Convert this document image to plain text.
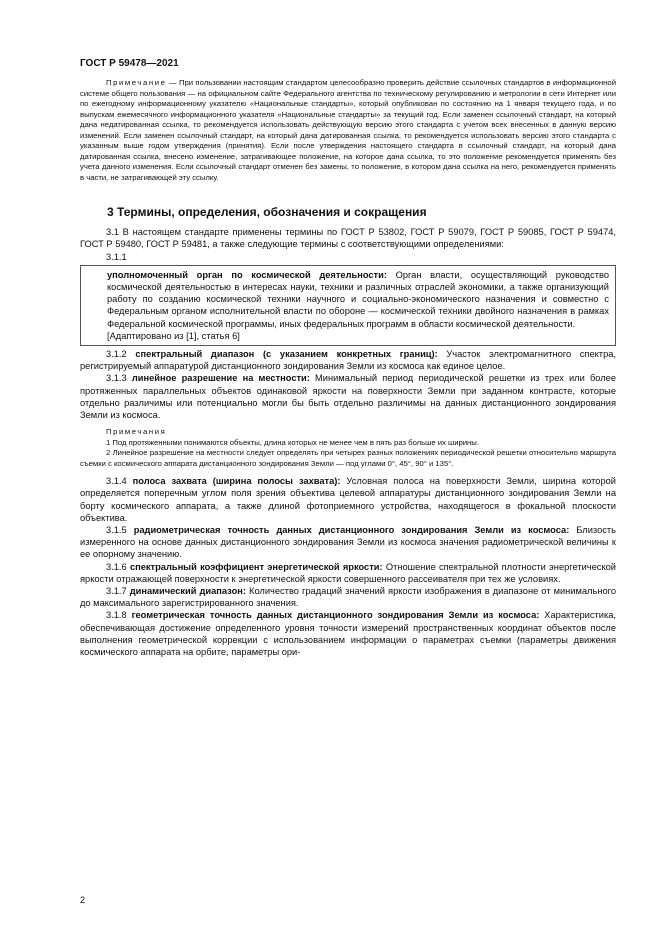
ГОСТ Р 59478—2021

Примечание — При пользовании настоящим стандартом целесообразно проверить действие ссылочных стандартов в информационной системе общего пользования — на официальном сайте Федерального агентства по техническому регулированию и метрологии в сети Интернет или по ежегодному информационному указателю «Национальные стандарты», который опубликован по состоянию на 1 января текущего года, и по выпускам ежемесячного информационного указателя «Национальные стандарты» за текущий год. Если заменен ссылочный стандарт, на который дана недатированная ссылка, то рекомендуется использовать действующую версию этого стандарта с учетом всех внесенных в данную версию изменений. Если заменен ссылочный стандарт, на который дана датированная ссылка, то рекомендуется использовать версию этого стандарта с указанным выше годом утверждения (принятия). Если после утверждения настоящего стандарта в ссылочный стандарт, на который дана датированная ссылка, внесено изменение, затрагивающее положение, на которое дана ссылка, то это положение рекомендуется применять без учета данного изменения. Если ссылочный стандарт отменен без замены, то положение, в котором дана ссылка на него, рекомендуется применять в части, не затрагивающей эту ссылку.

3 Термины, определения, обозначения и сокращения

3.1 В настоящем стандарте применены термины по ГОСТ Р 53802, ГОСТ Р 59079, ГОСТ Р 59085, ГОСТ Р 59474, ГОСТ Р 59480, ГОСТ Р 59481, а также следующие термины с соответствующими определениями:

3.1.1

уполномоченный орган по космической деятельности: Орган власти, осуществляющий руководство космической деятельностью в интересах науки, техники и различных отраслей экономики, а также организующий работу по созданию космической техники научного и социально-экономического назначения и совместно с Федеральным органом исполнительной власти по обороне — космической техники двойного назначения в рамках Федеральной космической программы, иных федеральных программ в области космической деятельности.

[Адаптировано из [1], статья 6]

3.1.2 спектральный диапазон (с указанием конкретных границ): Участок электромагнитного спектра, регистрируемый аппаратурой дистанционного зондирования Земли из космоса как единое целое.

3.1.3 линейное разрешение на местности: Минимальный период периодической решетки из трех или более протяженных параллельных объектов одинаковой яркости на поверхности Земли при заданном контрасте, которые отдельно различимы или потенциально могли бы быть отдельно различимы на данных дистанционного зондирования Земли из космоса.

Примечания

1 Под протяженными понимаются объекты, длина которых не менее чем в пять раз больше их ширины.

2 Линейное разрешение на местности следует определять при четырех разных положениях периодической решетки относительно маршрута съемки с космического аппарата дистанционного зондирования Земли — под углами 0°, 45°, 90° и 135°.

3.1.4 полоса захвата (ширина полосы захвата): Условная полоса на поверхности Земли, ширина которой определяется поперечным углом поля зрения объектива целевой аппаратуры дистанционного зондирования Земли на борту космического аппарата, а также длиной фотоприемного устройства, находящегося в фокальной плоскости объектива.

3.1.5 радиометрическая точность данных дистанционного зондирования Земли из космоса: Близость измеренного на основе данных дистанционного зондирования Земли из космоса значения радиометрической величины к ее опорному значению.

3.1.6 спектральный коэффициент энергетической яркости: Отношение спектральной плотности энергетической яркости отражающей поверхности к энергетической яркости совершенного рассеивателя при тех же условиях.

3.1.7 динамический диапазон: Количество градаций значений яркости изображения в диапазоне от минимального до максимального зарегистрированного значения.

3.1.8 геометрическая точность данных дистанционного зондирования Земли из космоса: Характеристика, обеспечивающая достижение определенного уровня точности измерений пространственных координат объектов после выполнения геометрической коррекции с использованием информации о параметрах съемки (параметры движения космического аппарата на орбите, параметры ори-

2
